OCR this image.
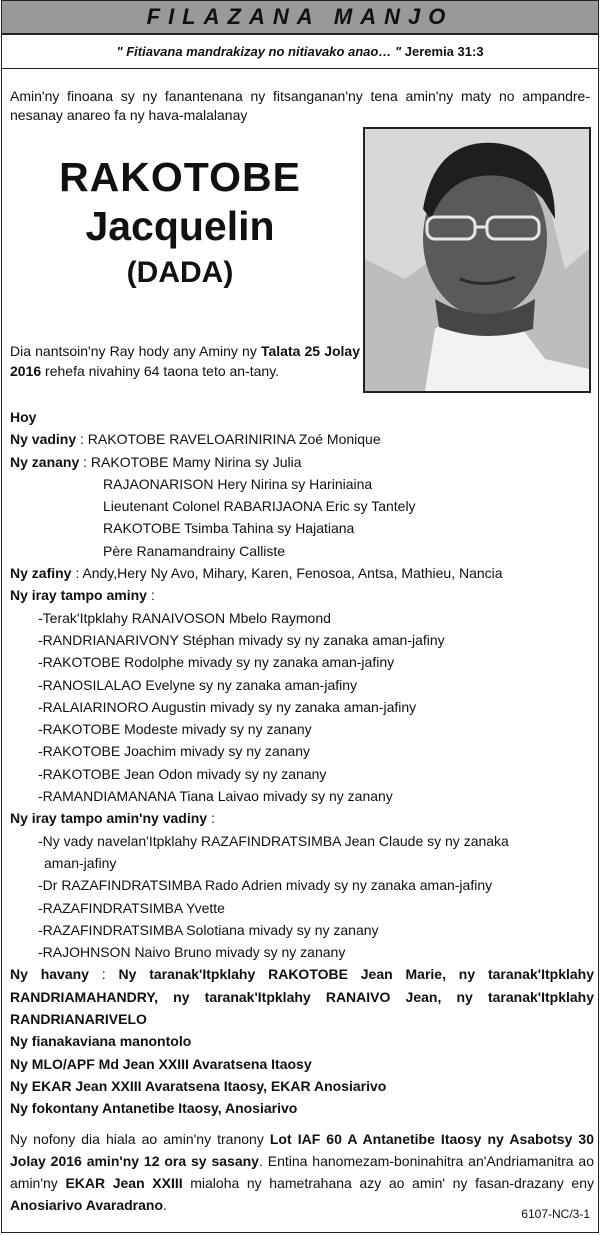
FILAZANA MANJO
" Fitiavana mandrakizay no nitiavako anao… " Jeremia 31:3
Amin'ny finoana sy ny fanantenana ny fitsanganan'ny tena amin'ny maty no ampandre-nesanay anareo fa ny hava-malalanay
RAKOTOBE
Jacquelin
(DADA)
Dia nantsoin'ny Ray hody any Aminy ny Talata 25 Jolay 2016 rehefa nivahiny 64 taona teto an-tany.
Hoy
Ny vadiny : RAKOTOBE RAVELOARINIRINA Zoé Monique
Ny zanany : RAKOTOBE Mamy Nirina sy Julia
RAJAONARISON Hery Nirina sy Hariniaina
Lieutenant Colonel RABARIJAONA Eric sy Tantely
RAKOTOBE Tsimba Tahina sy Hajatiana
Père Ranamandrainy Calliste
Ny zafiny : Andy,Hery Ny Avo, Mihary, Karen, Fenosoa, Antsa, Mathieu, Nancia
Ny iray tampo aminy :
-Terak'Itpklahy RANAIVOSON Mbelo Raymond
-RANDRIANARIVONY Stéphan mivady sy ny zanaka aman-jafiny
-RAKOTOBE Rodolphe mivady sy ny zanaka aman-jafiny
-RANOSILALAO Evelyne sy ny zanaka aman-jafiny
-RALAIARINORO Augustin mivady sy ny zanaka aman-jafiny
-RAKOTOBE Modeste mivady sy ny zanany
-RAKOTOBE Joachim mivady sy ny zanany
-RAKOTOBE Jean Odon mivady sy ny zanany
-RAMANDIAMANANA Tiana Laivao mivady sy ny zanany
Ny iray tampo amin'ny vadiny :
-Ny vady navelan'Itpklahy RAZAFINDRATSIMBA Jean Claude sy ny zanaka
aman-jafiny
-Dr RAZAFINDRATSIMBA Rado Adrien mivady sy ny zanaka aman-jafiny
-RAZAFINDRATSIMBA Yvette
-RAZAFINDRATSIMBA Solotiana mivady sy ny zanany
-RAJOHNSON Naivo Bruno mivady sy ny zanany
Ny havany : Ny taranak'Itpklahy RAKOTOBE Jean Marie, ny taranak'Itpklahy RANDRIAMAHANDRY, ny taranak'Itpklahy RANAIVO Jean, ny taranak'Itpklahy RANDRIANARIVELO
Ny fianakaviana manontolo
Ny MLO/APF Md Jean XXIII Avaratsena Itaosy
Ny EKAR Jean XXIII Avaratsena Itaosy, EKAR Anosiarivo
Ny fokontany Antanetibe Itaosy, Anosiarivo
Ny nofony dia hiala ao amin'ny tranony Lot IAF 60 A Antanetibe Itaosy ny Asabotsy 30 Jolay 2016 amin'ny 12 ora sy sasany. Entina hanomezam-boninahitra an'Andriamanitra ao amin'ny EKAR Jean XXIII mialoha ny hametrahana azy ao amin' ny fasan-drazany eny Anosiarivo Avaradrano.
6107-NC/3-1
